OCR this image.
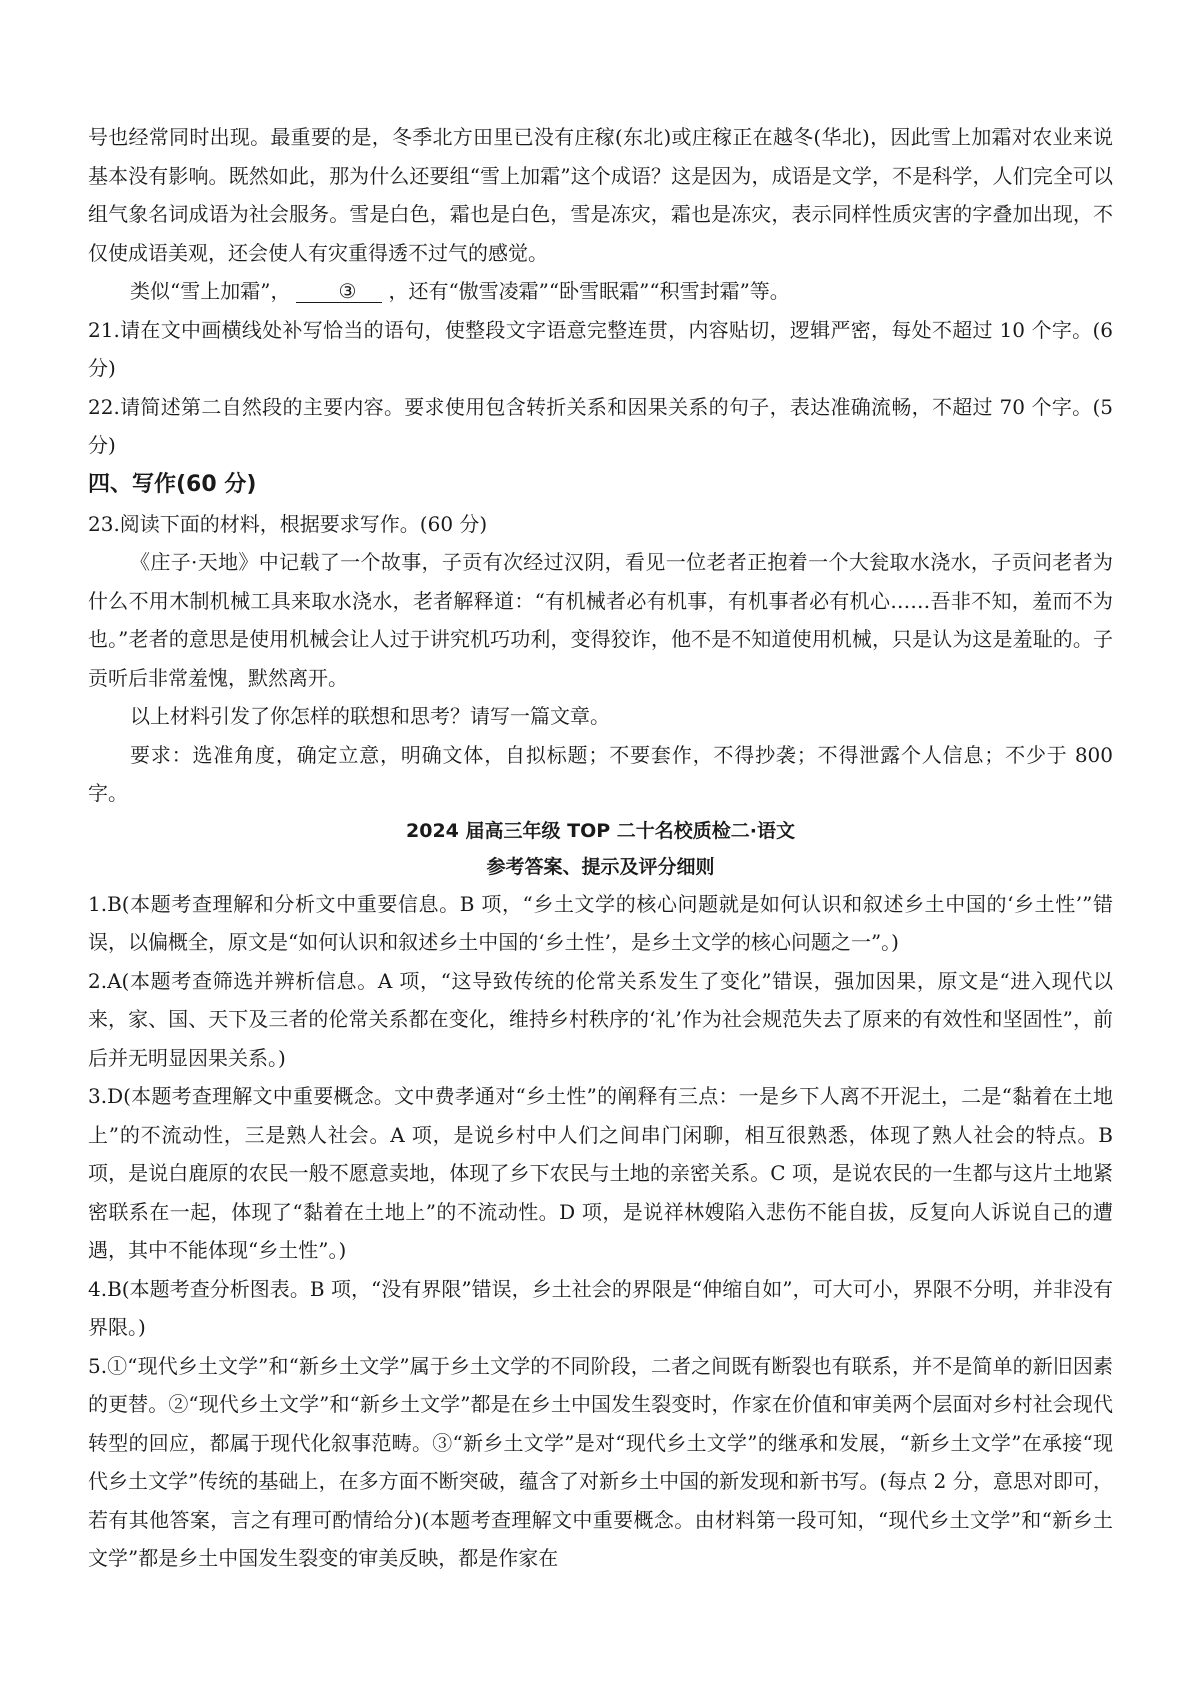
号也经常同时出现。最重要的是，冬季北方田里已没有庄稼(东北)或庄稼正在越冬(华北)，因此雪上加霜对农业来说基本没有影响。既然如此，那为什么还要组“雪上加霜”这个成语？这是因为，成语是文学，不是科学，人们完全可以组气象名词成语为社会服务。雪是白色，霜也是白色，雪是冻灾，霜也是冻灾，表示同样性质灾害的字叠加出现，不仅使成语美观，还会使人有灾重得透不过气的感觉。

类似“雪上加霜”， ③ ，还有“傲雪凌霜”“卧雪眠霜”“积雪封霜”等。

21.请在文中画横线处补写恰当的语句，使整段文字语意完整连贯，内容贴切，逻辑严密，每处不超过 10 个字。(6 分)

22.请简述第二自然段的主要内容。要求使用包含转折关系和因果关系的句子，表达准确流畅，不超过 70 个字。(5 分)

四、写作(60 分)

23.阅读下面的材料，根据要求写作。(60 分)

《庄子·天地》中记载了一个故事，子贡有次经过汉阴，看见一位老者正抱着一个大瓮取水浇水，子贡问老者为什么不用木制机械工具来取水浇水，老者解释道：“有机械者必有机事，有机事者必有机心……吾非不知，羞而不为也。”老者的意思是使用机械会让人过于讲究机巧功利，变得狡诈，他不是不知道使用机械，只是认为这是羞耻的。子贡听后非常羞愧，默然离开。

以上材料引发了你怎样的联想和思考？请写一篇文章。

要求：选准角度，确定立意，明确文体，自拟标题；不要套作，不得抄袭；不得泄露个人信息；不少于 800 字。

2024 届高三年级 TOP 二十名校质检二·语文

参考答案、提示及评分细则

1.B(本题考查理解和分析文中重要信息。B 项，“乡土文学的核心问题就是如何认识和叙述乡土中国的‘乡土性’”错误，以偏概全，原文是“如何认识和叙述乡土中国的‘乡土性’，是乡土文学的核心问题之一”。)

2.A(本题考查筛选并辨析信息。A 项，“这导致传统的伦常关系发生了变化”错误，强加因果，原文是“进入现代以来，家、国、天下及三者的伦常关系都在变化，维持乡村秩序的‘礼’作为社会规范失去了原来的有效性和坚固性”，前后并无明显因果关系。)

3.D(本题考查理解文中重要概念。文中费孝通对“乡土性”的阐释有三点：一是乡下人离不开泥土，二是“黏着在土地上”的不流动性，三是熟人社会。A 项，是说乡村中人们之间串门闲聊，相互很熟悉，体现了熟人社会的特点。B 项，是说白鹿原的农民一般不愿意卖地，体现了乡下农民与土地的亲密关系。C 项，是说农民的一生都与这片土地紧密联系在一起，体现了“黏着在土地上”的不流动性。D 项，是说祥林嫂陷入悲伤不能自拔，反复向人诉说自己的遭遇，其中不能体现“乡土性”。)

4.B(本题考查分析图表。B 项，“没有界限”错误，乡土社会的界限是“伸缩自如”，可大可小，界限不分明，并非没有界限。)

5.①“现代乡土文学”和“新乡土文学”属于乡土文学的不同阶段，二者之间既有断裂也有联系，并不是简单的新旧因素的更替。②“现代乡土文学”和“新乡土文学”都是在乡土中国发生裂变时，作家在价值和审美两个层面对乡村社会现代转型的回应，都属于现代化叙事范畴。③“新乡土文学”是对“现代乡土文学”的继承和发展，“新乡土文学”在承接“现代乡土文学”传统的基础上，在多方面不断突破，蕴含了对新乡土中国的新发现和新书写。(每点 2 分，意思对即可，若有其他答案，言之有理可酌情给分)(本题考查理解文中重要概念。由材料第一段可知，“现代乡土文学”和“新乡土文学”都是乡土中国发生裂变的审美反映，都是作家在
